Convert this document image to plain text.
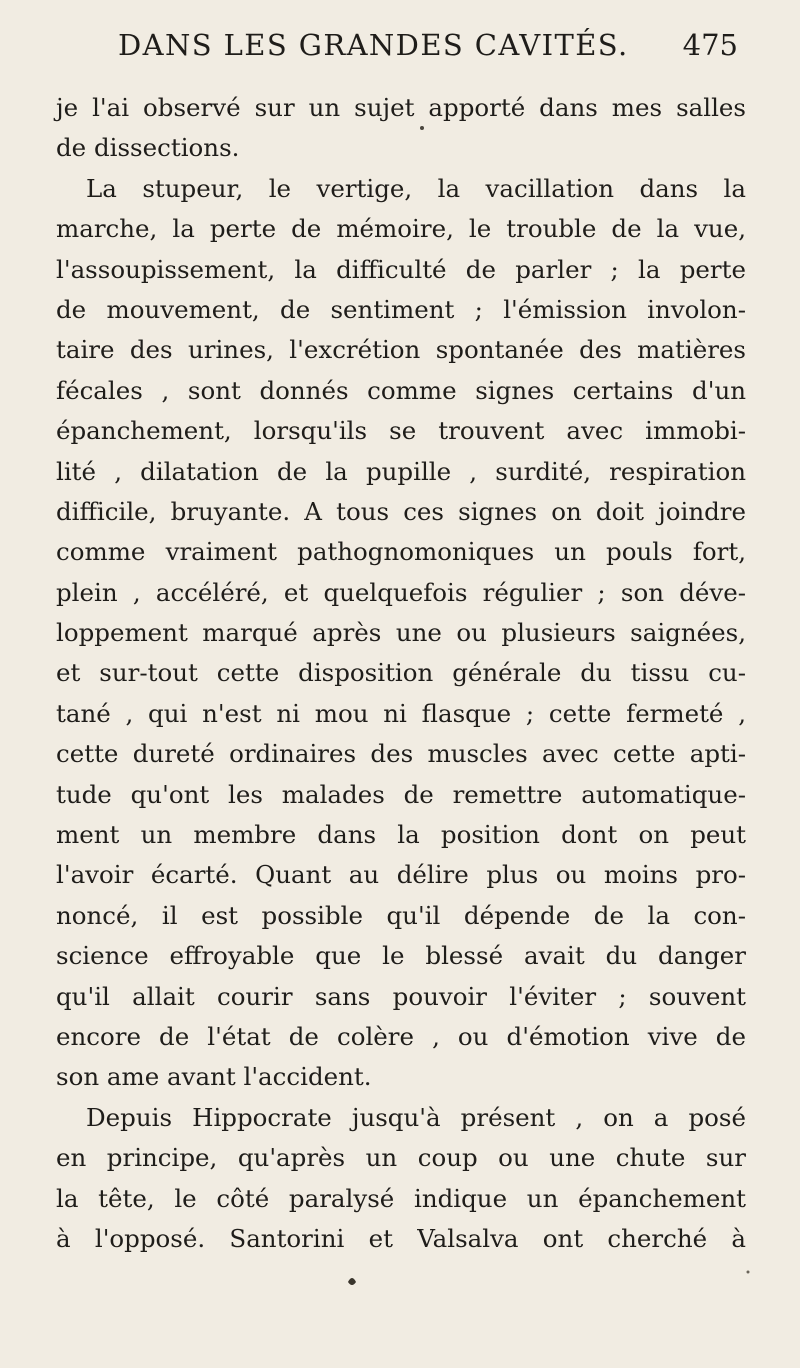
DANS LES GRANDES CAVITÉS. 475
je l'ai observé sur un sujet apporté dans mes salles
de dissections.
La stupeur, le vertige, la vacillation dans la
marche, la perte de mémoire, le trouble de la vue,
l'assoupissement, la difficulté de parler ; la perte
de mouvement, de sentiment ; l'émission involon-
taire des urines, l'excrétion spontanée des matières
fécales , sont donnés comme signes certains d'un
épanchement, lorsqu'ils se trouvent avec immobi-
lité , dilatation de la pupille , surdité, respiration
difficile, bruyante. A tous ces signes on doit joindre
comme vraiment pathognomoniques un pouls fort,
plein , accéléré, et quelquefois régulier ; son déve-
loppement marqué après une ou plusieurs saignées,
et sur-tout cette disposition générale du tissu cu-
tané , qui n'est ni mou ni flasque ; cette fermeté ,
cette dureté ordinaires des muscles avec cette apti-
tude qu'ont les malades de remettre automatique-
ment un membre dans la position dont on peut
l'avoir écarté. Quant au délire plus ou moins pro-
noncé, il est possible qu'il dépende de la con-
science effroyable que le blessé avait du danger
qu'il allait courir sans pouvoir l'éviter ; souvent
encore de l'état de colère , ou d'émotion vive de
son ame avant l'accident.
Depuis Hippocrate jusqu'à présent , on a posé
en principe, qu'après un coup ou une chute sur
la tête, le côté paralysé indique un épanchement
à l'opposé. Santorini et Valsalva ont cherché à
